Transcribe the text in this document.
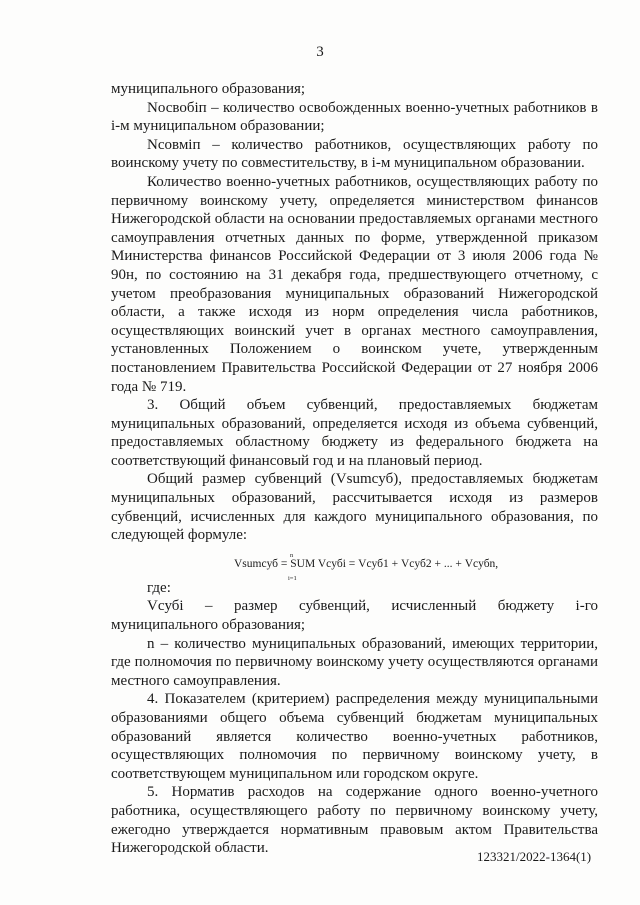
3

муниципального образования;

Nосвобіп – количество освобожденных военно-учетных работников в і-м муниципальном образовании;

Nсовміп – количество работников, осуществляющих работу по воинскому учету по совместительству, в і-м муниципальном образовании.

Количество военно-учетных работников, осуществляющих работу по первичному воинскому учету, определяется министерством финансов Нижегородской области на основании предоставляемых органами местного самоуправления отчетных данных по форме, утвержденной приказом Министерства финансов Российской Федерации от 3 июля 2006 года № 90н, по состоянию на 31 декабря года, предшествующего отчетному, с учетом преобразования муниципальных образований Нижегородской области, а также исходя из норм определения числа работников, осуществляющих воинский учет в органах местного самоуправления, установленных Положением о воинском учете, утвержденным постановлением Правительства Российской Федерации от 27 ноября 2006 года № 719.

3. Общий объем субвенций, предоставляемых бюджетам муниципальных образований, определяется исходя из объема субвенций, предоставляемых областному бюджету из федерального бюджета на соответствующий финансовый год и на плановый период.

Общий размер субвенций (Vsumcуб), предоставляемых бюджетам муниципальных образований, рассчитывается исходя из размеров субвенций, исчисленных для каждого муниципального образования, по следующей формуле:

n
Vsumcуб = SUM Vcубі = Vcуб1 + Vcуб2 + ... + Vcубn,
i=1

где:

Vcубі – размер субвенций, исчисленный бюджету і-го муниципального образования;

n – количество муниципальных образований, имеющих территории, где полномочия по первичному воинскому учету осуществляются органами местного самоуправления.

4. Показателем (критерием) распределения между муниципальными образованиями общего объема субвенций бюджетам муниципальных образований является количество военно-учетных работников, осуществляющих полномочия по первичному воинскому учету, в соответствующем муниципальном или городском округе.

5. Норматив расходов на содержание одного военно-учетного работника, осуществляющего работу по первичному воинскому учету, ежегодно утверждается нормативным правовым актом Правительства Нижегородской области.

123321/2022-1364(1)
